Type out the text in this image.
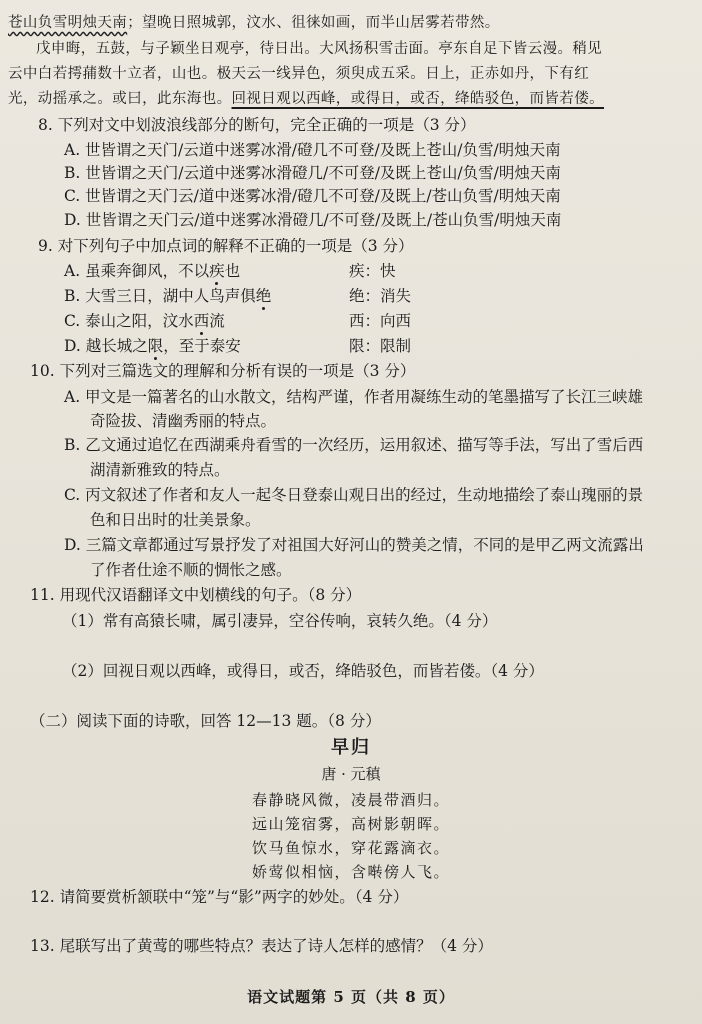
苍山负雪明烛天南；望晚日照城郭，汶水、徂徕如画，而半山居雾若带然。
戊申晦，五鼓，与子颖坐日观亭，待日出。大风扬积雪击面。亭东自足下皆云漫。稍见
云中白若摴蒱数十立者，山也。极天云一线异色，须臾成五采。日上，正赤如丹，下有红
光，动摇承之。或曰，此东海也。回视日观以西峰，或得日，或否，绛皓驳色，而皆若偻。
8. 下列对文中划波浪线部分的断句，完全正确的一项是（3 分）
A. 世皆谓之天门/云道中迷雾冰滑/磴几不可登/及既上苍山/负雪/明烛天南
B. 世皆谓之天门/云道中迷雾冰滑磴几/不可登/及既上苍山/负雪/明烛天南
C. 世皆谓之天门云/道中迷雾冰滑/磴几不可登/及既上/苍山负雪/明烛天南
D. 世皆谓之天门云/道中迷雾冰滑磴几/不可登/及既上/苍山负雪/明烛天南
9. 对下列句子中加点词的解释不正确的一项是（3 分）
A. 虽乘奔御风，不以疾也	疾：快
B. 大雪三日，湖中人鸟声俱绝	绝：消失
C. 泰山之阳，汶水西流	西：向西
D. 越长城之限，至于泰安	限：限制
10. 下列对三篇选文的理解和分析有误的一项是（3 分）
A. 甲文是一篇著名的山水散文，结构严谨，作者用凝练生动的笔墨描写了长江三峡雄
奇险拔、清幽秀丽的特点。
B. 乙文通过追忆在西湖乘舟看雪的一次经历，运用叙述、描写等手法，写出了雪后西
湖清新雅致的特点。
C. 丙文叙述了作者和友人一起冬日登泰山观日出的经过，生动地描绘了泰山瑰丽的景
色和日出时的壮美景象。
D. 三篇文章都通过写景抒发了对祖国大好河山的赞美之情，不同的是甲乙两文流露出
了作者仕途不顺的惆怅之感。
11. 用现代汉语翻译文中划横线的句子。（8 分）
（1）常有高猿长啸，属引凄异，空谷传响，哀转久绝。（4 分）
（2）回视日观以西峰，或得日，或否，绛皓驳色，而皆若偻。（4 分）
（二）阅读下面的诗歌，回答 12—13 题。（8 分）
早归
唐 · 元稹
春静晓风微，凌晨带酒归。
远山笼宿雾，高树影朝晖。
饮马鱼惊水，穿花露滴衣。
娇莺似相恼，含啭傍人飞。
12. 请简要赏析颔联中“笼”与“影”两字的妙处。（4 分）
13. 尾联写出了黄莺的哪些特点？表达了诗人怎样的感情？（4 分）
语文试题第 5 页（共 8 页）
